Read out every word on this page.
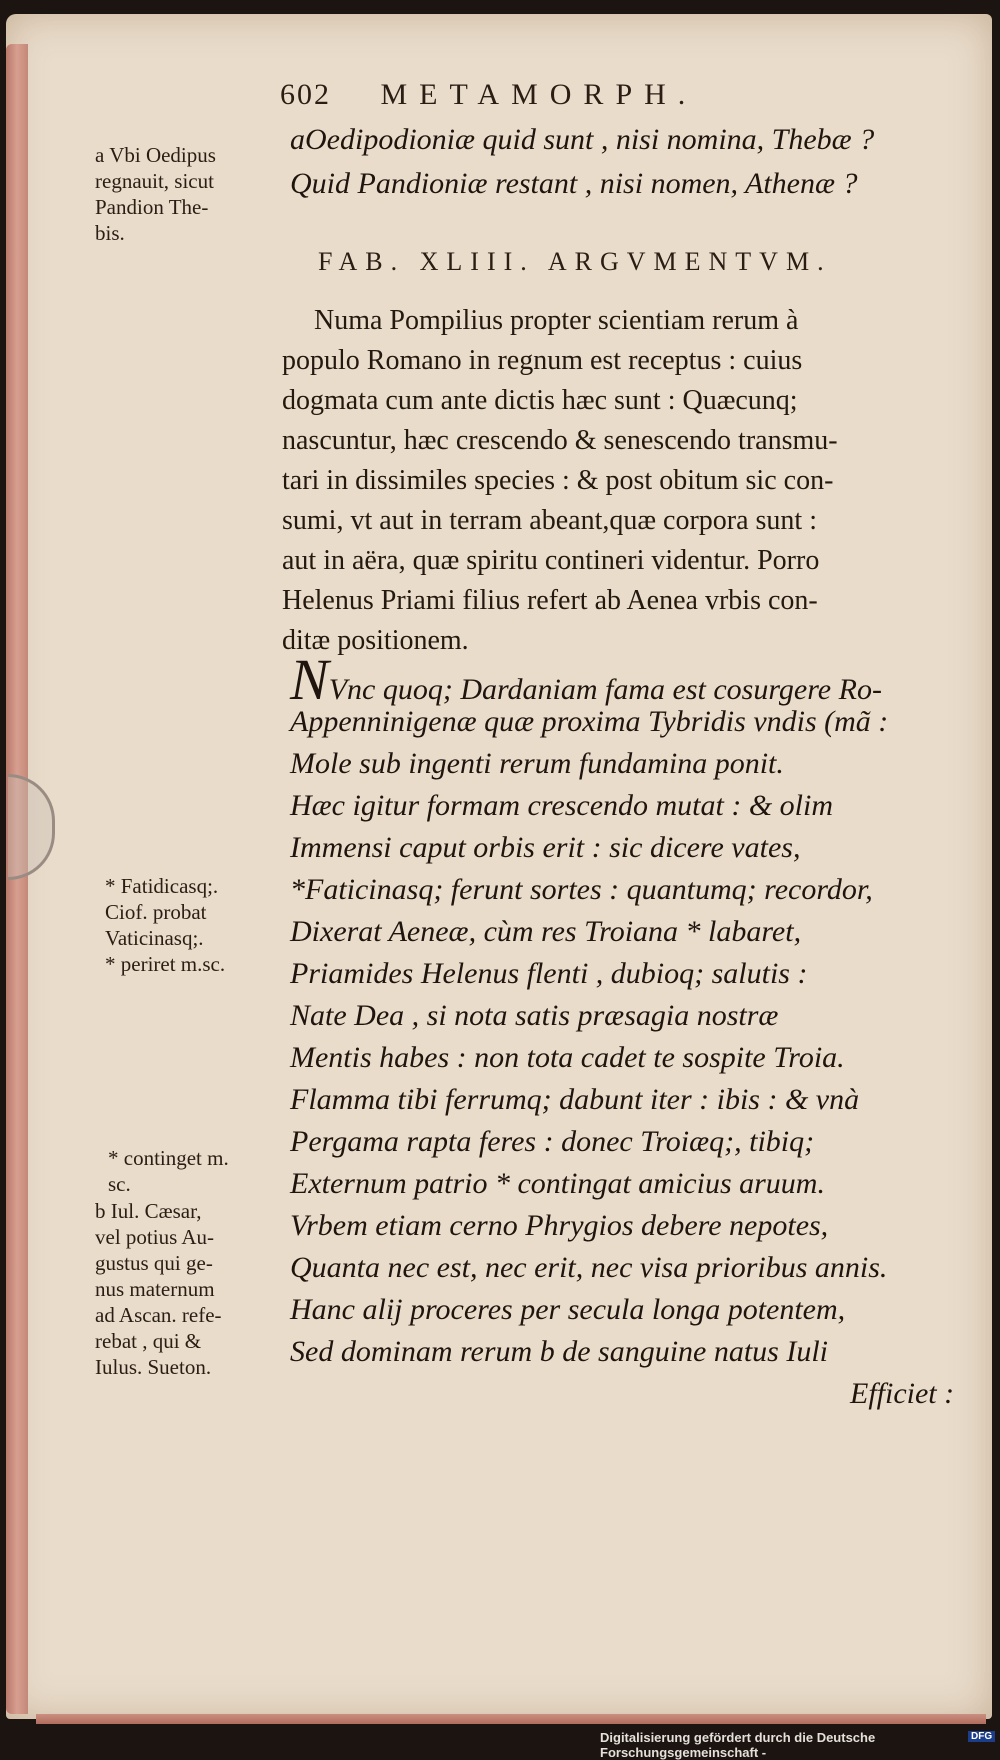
602 METAMORPH.
a Vbi Oedipus
regnauit, sicut
Pandion The-
bis.
aOedipodioniæ quid sunt , nisi nomina, Thebæ ?
Quid Pandioniæ restant , nisi nomen, Athenæ ?
FAB. XLIII. ARGVMENTVM.
Numa Pompilius propter scientiam rerum à
populo Romano in regnum est receptus : cuius
dogmata cum ante dictis hæc sunt : Quæcunq;
nascuntur, hæc crescendo & senescendo transmu-
tari in dissimiles species : & post obitum sic con-
sumi, vt aut in terram abeant,quæ corpora sunt :
aut in aëra, quæ spiritu contineri videntur. Porro
Helenus Priami filius refert ab Aenea vrbis con-
ditæ positionem.
NVnc quoq; Dardaniam fama est cosurgere Ro-
Appenninigenæ quæ proxima Tybridis vndis (mã :
Mole sub ingenti rerum fundamina ponit.
Hæc igitur formam crescendo mutat : & olim
Immensi caput orbis erit : sic dicere vates,
* Fatidicasq;.
Ciof. probat
Vaticinasq;.
* periret m.sc.
*Faticinasq; ferunt sortes : quantumq; recordor,
Dixerat Aeneæ, cùm res Troiana * labaret,
Priamides Helenus flenti , dubioq; salutis :
Nate Dea , si nota satis præsagia nostræ
Mentis habes : non tota cadet te sospite Troia.
Flamma tibi ferrumq; dabunt iter : ibis : & vnà
* continget m.
sc.
Pergama rapta feres : donec Troiæq;, tibiq;
Externum patrio * contingat amicius aruum.
b Iul. Cæsar,
vel potius Au-
gustus qui ge-
nus maternum
ad Ascan. refe-
rebat , qui &
Iulus. Sueton.
Vrbem etiam cerno Phrygios debere nepotes,
Quanta nec est, nec erit, nec visa prioribus annis.
Hanc alij proceres per secula longa potentem,
Sed dominam rerum b de sanguine natus Iuli
Efficiet :
Digitalisierung gefördert durch die Deutsche Forschungsgemeinschaft -
DFG
